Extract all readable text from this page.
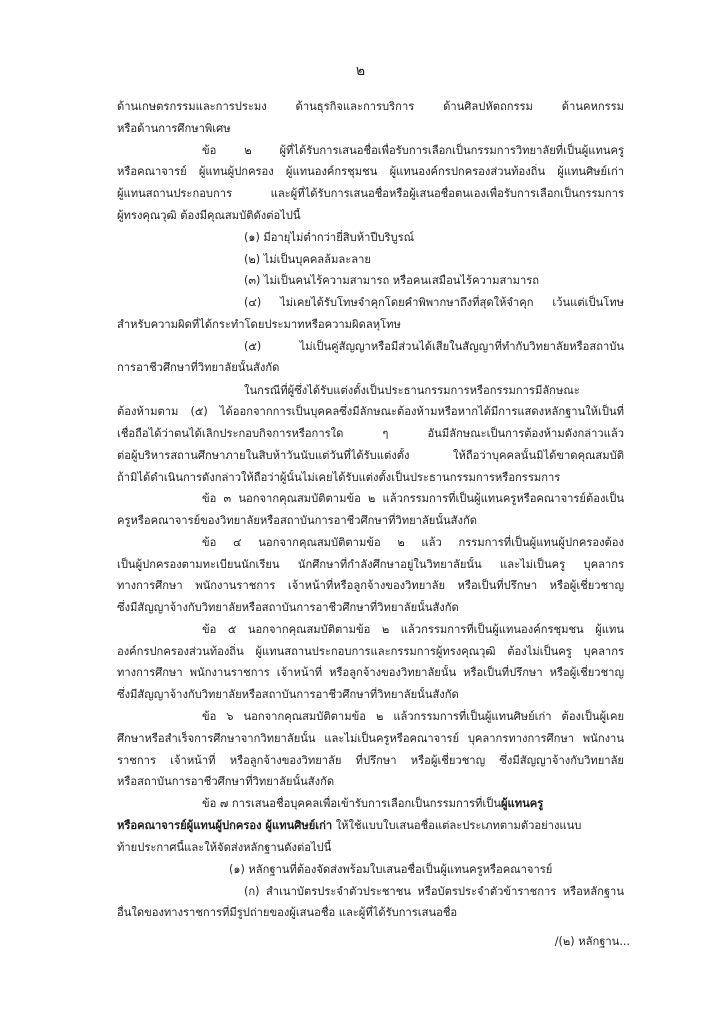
๒
ด้านเกษตรกรรมและการประมง ด้านธุรกิจและการบริการ ด้านศิลปหัตถกรรม ด้านคหกรรม
หรือด้านการศึกษาพิเศษ
ข้อ ๒ ผู้ที่ได้รับการเสนอชื่อเพื่อรับการเลือกเป็นกรรมการวิทยาลัยที่เป็นผู้แทนครู
หรือคณาจารย์ ผู้แทนผู้ปกครอง ผู้แทนองค์กรชุมชน ผู้แทนองค์กรปกครองส่วนท้องถิ่น ผู้แทนศิษย์เก่า
ผู้แทนสถานประกอบการ และผู้ที่ได้รับการเสนอชื่อหรือผู้เสนอชื่อตนเองเพื่อรับการเลือกเป็นกรรมการ
ผู้ทรงคุณวุฒิ ต้องมีคุณสมบัติดังต่อไปนี้
(๑) มีอายุไม่ต่ำกว่ายี่สิบห้าปีบริบูรณ์
(๒) ไม่เป็นบุคคลล้มละลาย
(๓) ไม่เป็นคนไร้ความสามารถ หรือคนเสมือนไร้ความสามารถ
(๔) ไม่เคยได้รับโทษจำคุกโดยคำพิพากษาถึงที่สุดให้จำคุก เว้นแต่เป็นโทษ
สำหรับความผิดที่ได้กระทำโดยประมาทหรือความผิดลหุโทษ
(๕) ไม่เป็นคู่สัญญาหรือมีส่วนได้เสียในสัญญาที่ทำกับวิทยาลัยหรือสถาบัน
การอาชีวศึกษาที่วิทยาลัยนั้นสังกัด
ในกรณีที่ผู้ซึ่งได้รับแต่งตั้งเป็นประธานกรรมการหรือกรรมการมีลักษณะ
ต้องห้ามตาม (๕) ได้ออกจากการเป็นบุคคลซึ่งมีลักษณะต้องห้ามหรือหากได้มีการแสดงหลักฐานให้เป็นที่
เชื่อถือได้ว่าตนได้เลิกประกอบกิจการหรือการใด ๆ อันมีลักษณะเป็นการต้องห้ามดังกล่าวแล้ว
ต่อผู้บริหารสถานศึกษาภายในสิบห้าวันนับแต่วันที่ได้รับแต่งตั้ง ให้ถือว่าบุคคลนั้นมิได้ขาดคุณสมบัติ
ถ้ามิได้ดำเนินการดังกล่าวให้ถือว่าผู้นั้นไม่เคยได้รับแต่งตั้งเป็นประธานกรรมการหรือกรรมการ
ข้อ ๓ นอกจากคุณสมบัติตามข้อ ๒ แล้วกรรมการที่เป็นผู้แทนครูหรือคณาจารย์ต้องเป็น
ครูหรือคณาจารย์ของวิทยาลัยหรือสถาบันการอาชีวศึกษาที่วิทยาลัยนั้นสังกัด
ข้อ ๔ นอกจากคุณสมบัติตามข้อ ๒ แล้ว กรรมการที่เป็นผู้แทนผู้ปกครองต้อง
เป็นผู้ปกครองตามทะเบียนนักเรียน นักศึกษาที่กำลังศึกษาอยู่ในวิทยาลัยนั้น และไม่เป็นครู บุคลากร
ทางการศึกษา พนักงานราชการ เจ้าหน้าที่หรือลูกจ้างของวิทยาลัย หรือเป็นที่ปรึกษา หรือผู้เชี่ยวชาญ
ซึ่งมีสัญญาจ้างกับวิทยาลัยหรือสถาบันการอาชีวศึกษาที่วิทยาลัยนั้นสังกัด
ข้อ ๕ นอกจากคุณสมบัติตามข้อ ๒ แล้วกรรมการที่เป็นผู้แทนองค์กรชุมชน ผู้แทน
องค์กรปกครองส่วนท้องถิ่น ผู้แทนสถานประกอบการและกรรมการผู้ทรงคุณวุฒิ ต้องไม่เป็นครู บุคลากร
ทางการศึกษา พนักงานราชการ เจ้าหน้าที่ หรือลูกจ้างของวิทยาลัยนั้น หรือเป็นที่ปรึกษา หรือผู้เชี่ยวชาญ
ซึ่งมีสัญญาจ้างกับวิทยาลัยหรือสถาบันการอาชีวศึกษาที่วิทยาลัยนั้นสังกัด
ข้อ ๖ นอกจากคุณสมบัติตามข้อ ๒ แล้วกรรมการที่เป็นผู้แทนศิษย์เก่า ต้องเป็นผู้เคย
ศึกษาหรือสำเร็จการศึกษาจากวิทยาลัยนั้น และไม่เป็นครูหรือคณาจารย์ บุคลากรทางการศึกษา พนักงาน
ราชการ เจ้าหน้าที่ หรือลูกจ้างของวิทยาลัย ที่ปรึกษา หรือผู้เชี่ยวชาญ ซึ่งมีสัญญาจ้างกับวิทยาลัย
หรือสถาบันการอาชีวศึกษาที่วิทยาลัยนั้นสังกัด
ข้อ ๗ การเสนอชื่อบุคคลเพื่อเข้ารับการเลือกเป็นกรรมการที่เป็นผู้แทนครู
หรือคณาจารย์ผู้แทนผู้ปกครอง ผู้แทนศิษย์เก่า ให้ใช้แบบใบเสนอชื่อแต่ละประเภทตามตัวอย่างแนบ
ท้ายประกาศนี้และให้จัดส่งหลักฐานดังต่อไปนี้
(๑) หลักฐานที่ต้องจัดส่งพร้อมใบเสนอชื่อเป็นผู้แทนครูหรือคณาจารย์
(ก) สำเนาบัตรประจำตัวประชาชน หรือบัตรประจำตัวข้าราชการ หรือหลักฐาน
อื่นใดของทางราชการที่มีรูปถ่ายของผู้เสนอชื่อ และผู้ที่ได้รับการเสนอชื่อ
/(๒) หลักฐาน...
